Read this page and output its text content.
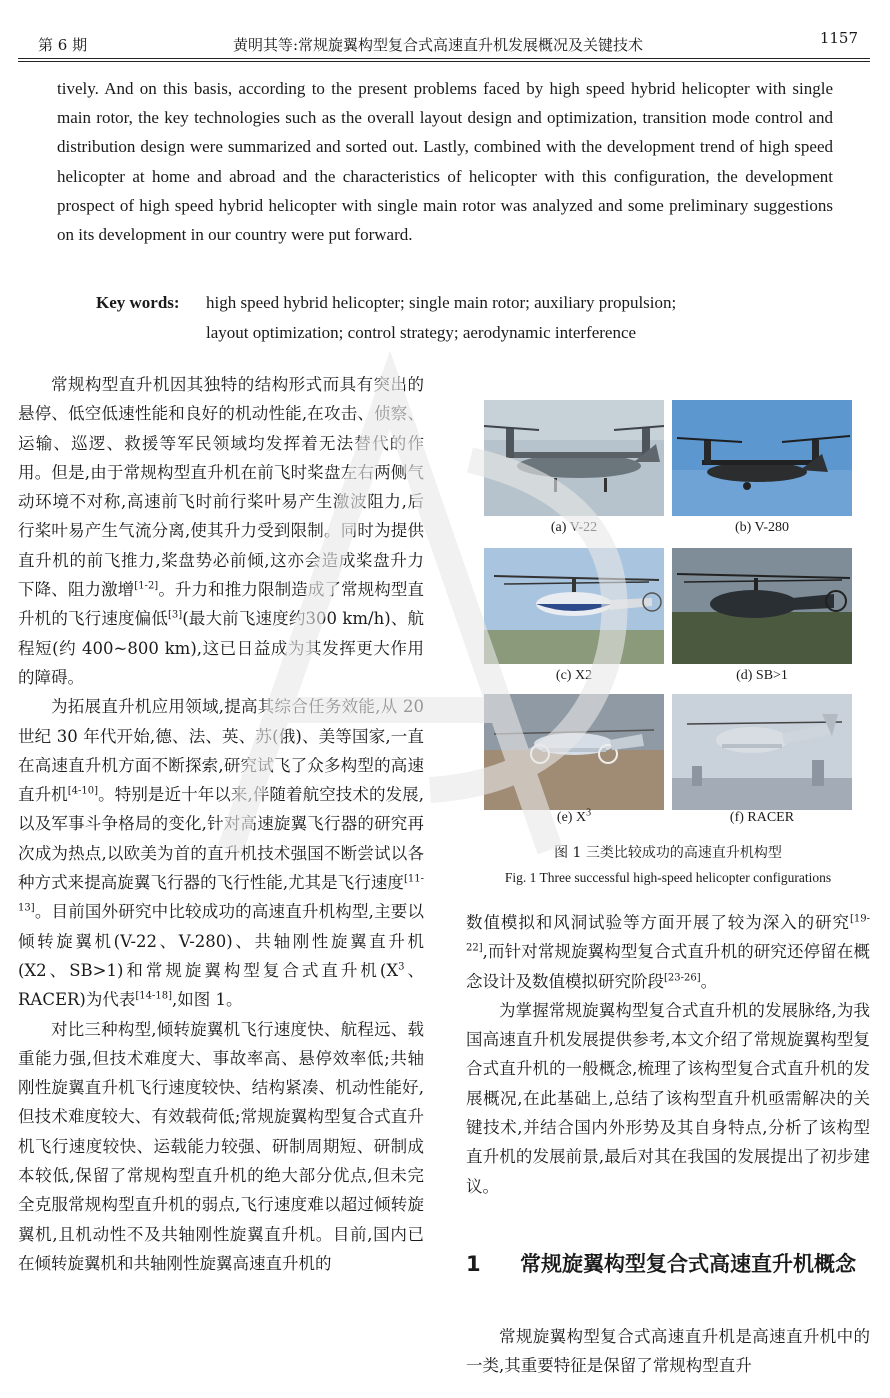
第 6 期	黄明其等:常规旋翼构型复合式高速直升机发展概况及关键技术	1157

tively. And on this basis, according to the present problems faced by high speed hybrid helicopter with single main rotor, the key technologies such as the overall layout design and optimization, transition mode control and distribution design were summarized and sorted out. Lastly, combined with the development trend of high speed helicopter at home and abroad and the characteristics of helicopter with this configuration, the development prospect of high speed hybrid helicopter with single main rotor was analyzed and some preliminary suggestions on its development in our country were put forward.

Key words: high speed hybrid helicopter; single main rotor; auxiliary propulsion;
layout optimization; control strategy; aerodynamic interference

常规构型直升机因其独特的结构形式而具有突出的悬停、低空低速性能和良好的机动性能,在攻击、侦察、运输、巡逻、救援等军民领域均发挥着无法替代的作用。但是,由于常规构型直升机在前飞时桨盘左右两侧气动环境不对称,高速前飞时前行桨叶易产生激波阻力,后行桨叶易产生气流分离,使其升力受到限制。同时为提供直升机的前飞推力,桨盘势必前倾,这亦会造成桨盘升力下降、阻力激增[1-2]。升力和推力限制造成了常规构型直升机的飞行速度偏低[3](最大前飞速度约300 km/h)、航程短(约 400~800 km),这已日益成为其发挥更大作用的障碍。

为拓展直升机应用领域,提高其综合任务效能,从 20 世纪 30 年代开始,德、法、英、苏(俄)、美等国家,一直在高速直升机方面不断探索,研究试飞了众多构型的高速直升机[4-10]。特别是近十年以来,伴随着航空技术的发展,以及军事斗争格局的变化,针对高速旋翼飞行器的研究再次成为热点,以欧美为首的直升机技术强国不断尝试以各种方式来提高旋翼飞行器的飞行性能,尤其是飞行速度[11-13]。目前国外研究中比较成功的高速直升机构型,主要以倾转旋翼机(V-22、V-280)、共轴刚性旋翼直升机(X2、SB>1)和常规旋翼构型复合式直升机($X^3$、RACER)为代表[14-18],如图 1。

对比三种构型,倾转旋翼机飞行速度快、航程远、载重能力强,但技术难度大、事故率高、悬停效率低;共轴刚性旋翼直升机飞行速度较快、结构紧凑、机动性能好,但技术难度较大、有效载荷低;常规旋翼构型复合式直升机飞行速度较快、运载能力较强、研制周期短、研制成本较低,保留了常规构型直升机的绝大部分优点,但未完全克服常规构型直升机的弱点,飞行速度难以超过倾转旋翼机,且机动性不及共轴刚性旋翼直升机。目前,国内已在倾转旋翼机和共轴刚性旋翼高速直升机的

(a) V-22	(b) V-280
(c) X2	(d) SB>1
(e) $X^3$	(f) RACER
图 1 三类比较成功的高速直升机构型
Fig. 1 Three successful high-speed helicopter configurations

数值模拟和风洞试验等方面开展了较为深入的研究[19-22],而针对常规旋翼构型复合式直升机的研究还停留在概念设计及数值模拟研究阶段[23-26]。

为掌握常规旋翼构型复合式直升机的发展脉络,为我国高速直升机发展提供参考,本文介绍了常规旋翼构型复合式直升机的一般概念,梳理了该构型复合式直升机的发展概况,在此基础上,总结了该构型直升机亟需解决的关键技术,并结合国内外形势及其自身特点,分析了该构型直升机的发展前景,最后对其在我国的发展提出了初步建议。

1	常规旋翼构型复合式高速直升机概念

常规旋翼构型复合式高速直升机是高速直升机中的一类,其重要特征是保留了常规构型直升
